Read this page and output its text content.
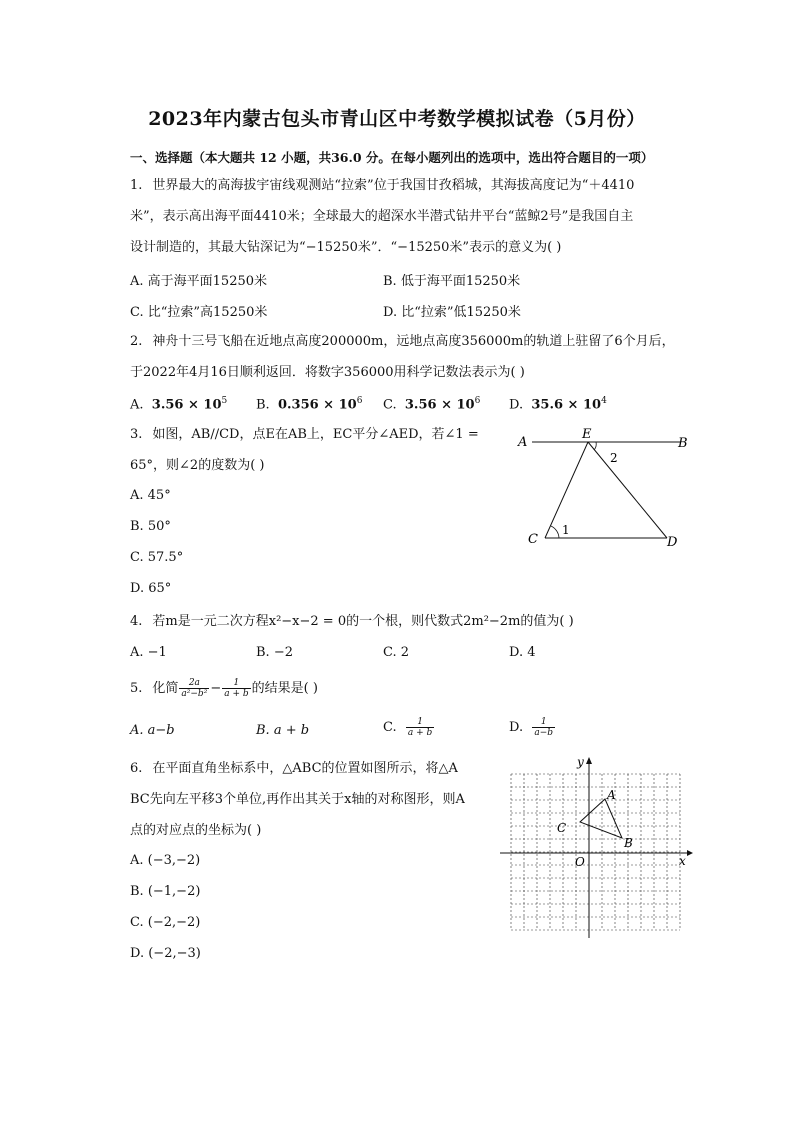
2023年内蒙古包头市青山区中考数学模拟试卷（5月份）
一、选择题（本大题共 12 小题，共36.0 分。在每小题列出的选项中，选出符合题目的一项）
1. 世界最大的高海拔宇宙线观测站“拉索”位于我国甘孜稻城，其海拔高度记为“＋4410
米”，表示高出海平面4410米；全球最大的超深水半潜式钻井平台“蓝鲸2号”是我国自主
设计制造的，其最大钻深记为“−15250米”．“−15250米”表示的意义为( )
A. 高于海平面15250米	B. 低于海平面15250米
C. 比“拉索”高15250米	D. 比“拉索”低15250米
2. 神舟十三号飞船在近地点高度200000m，远地点高度356000m的轨道上驻留了6个月后，
于2022年4月16日顺利返回．将数字356000用科学记数法表示为( )
A. $3.56 \times 10^5$ B. $0.356 \times 10^6$ C. $3.56 \times 10^6$ D. $35.6 \times 10^4$
3. 如图，AB//CD，点E在AB上，EC平分∠AED，若∠1 =
65°，则∠2的度数为( )
A. 45°
B. 50°
C. 57.5°
D. 65°
A	B
E
C	D
1
2
4. 若m是一元二次方程x²−x−2 = 0的一个根，则代数式2m²−2m的值为( )
A. −1	B. −2	C. 2	D. 4
5. 化简 $\frac{2a}{\text{a²−b²}} - \frac{1}{a + b}$ 的结果是( )
A. a−b	B. a + b	C. $\frac{1}{a + b}$	D. $\frac{1}{a-b}$
6. 在平面直角坐标系中，△ABC的位置如图所示，将△A
BC先向左平移3个单位,再作出其关于x轴的对称图形，则A
点的对应点的坐标为( )
A. (−3,−2)
B. (−1,−2)
C. (−2,−2)
D. (−2,−3)
y
x
O
A
B
C
